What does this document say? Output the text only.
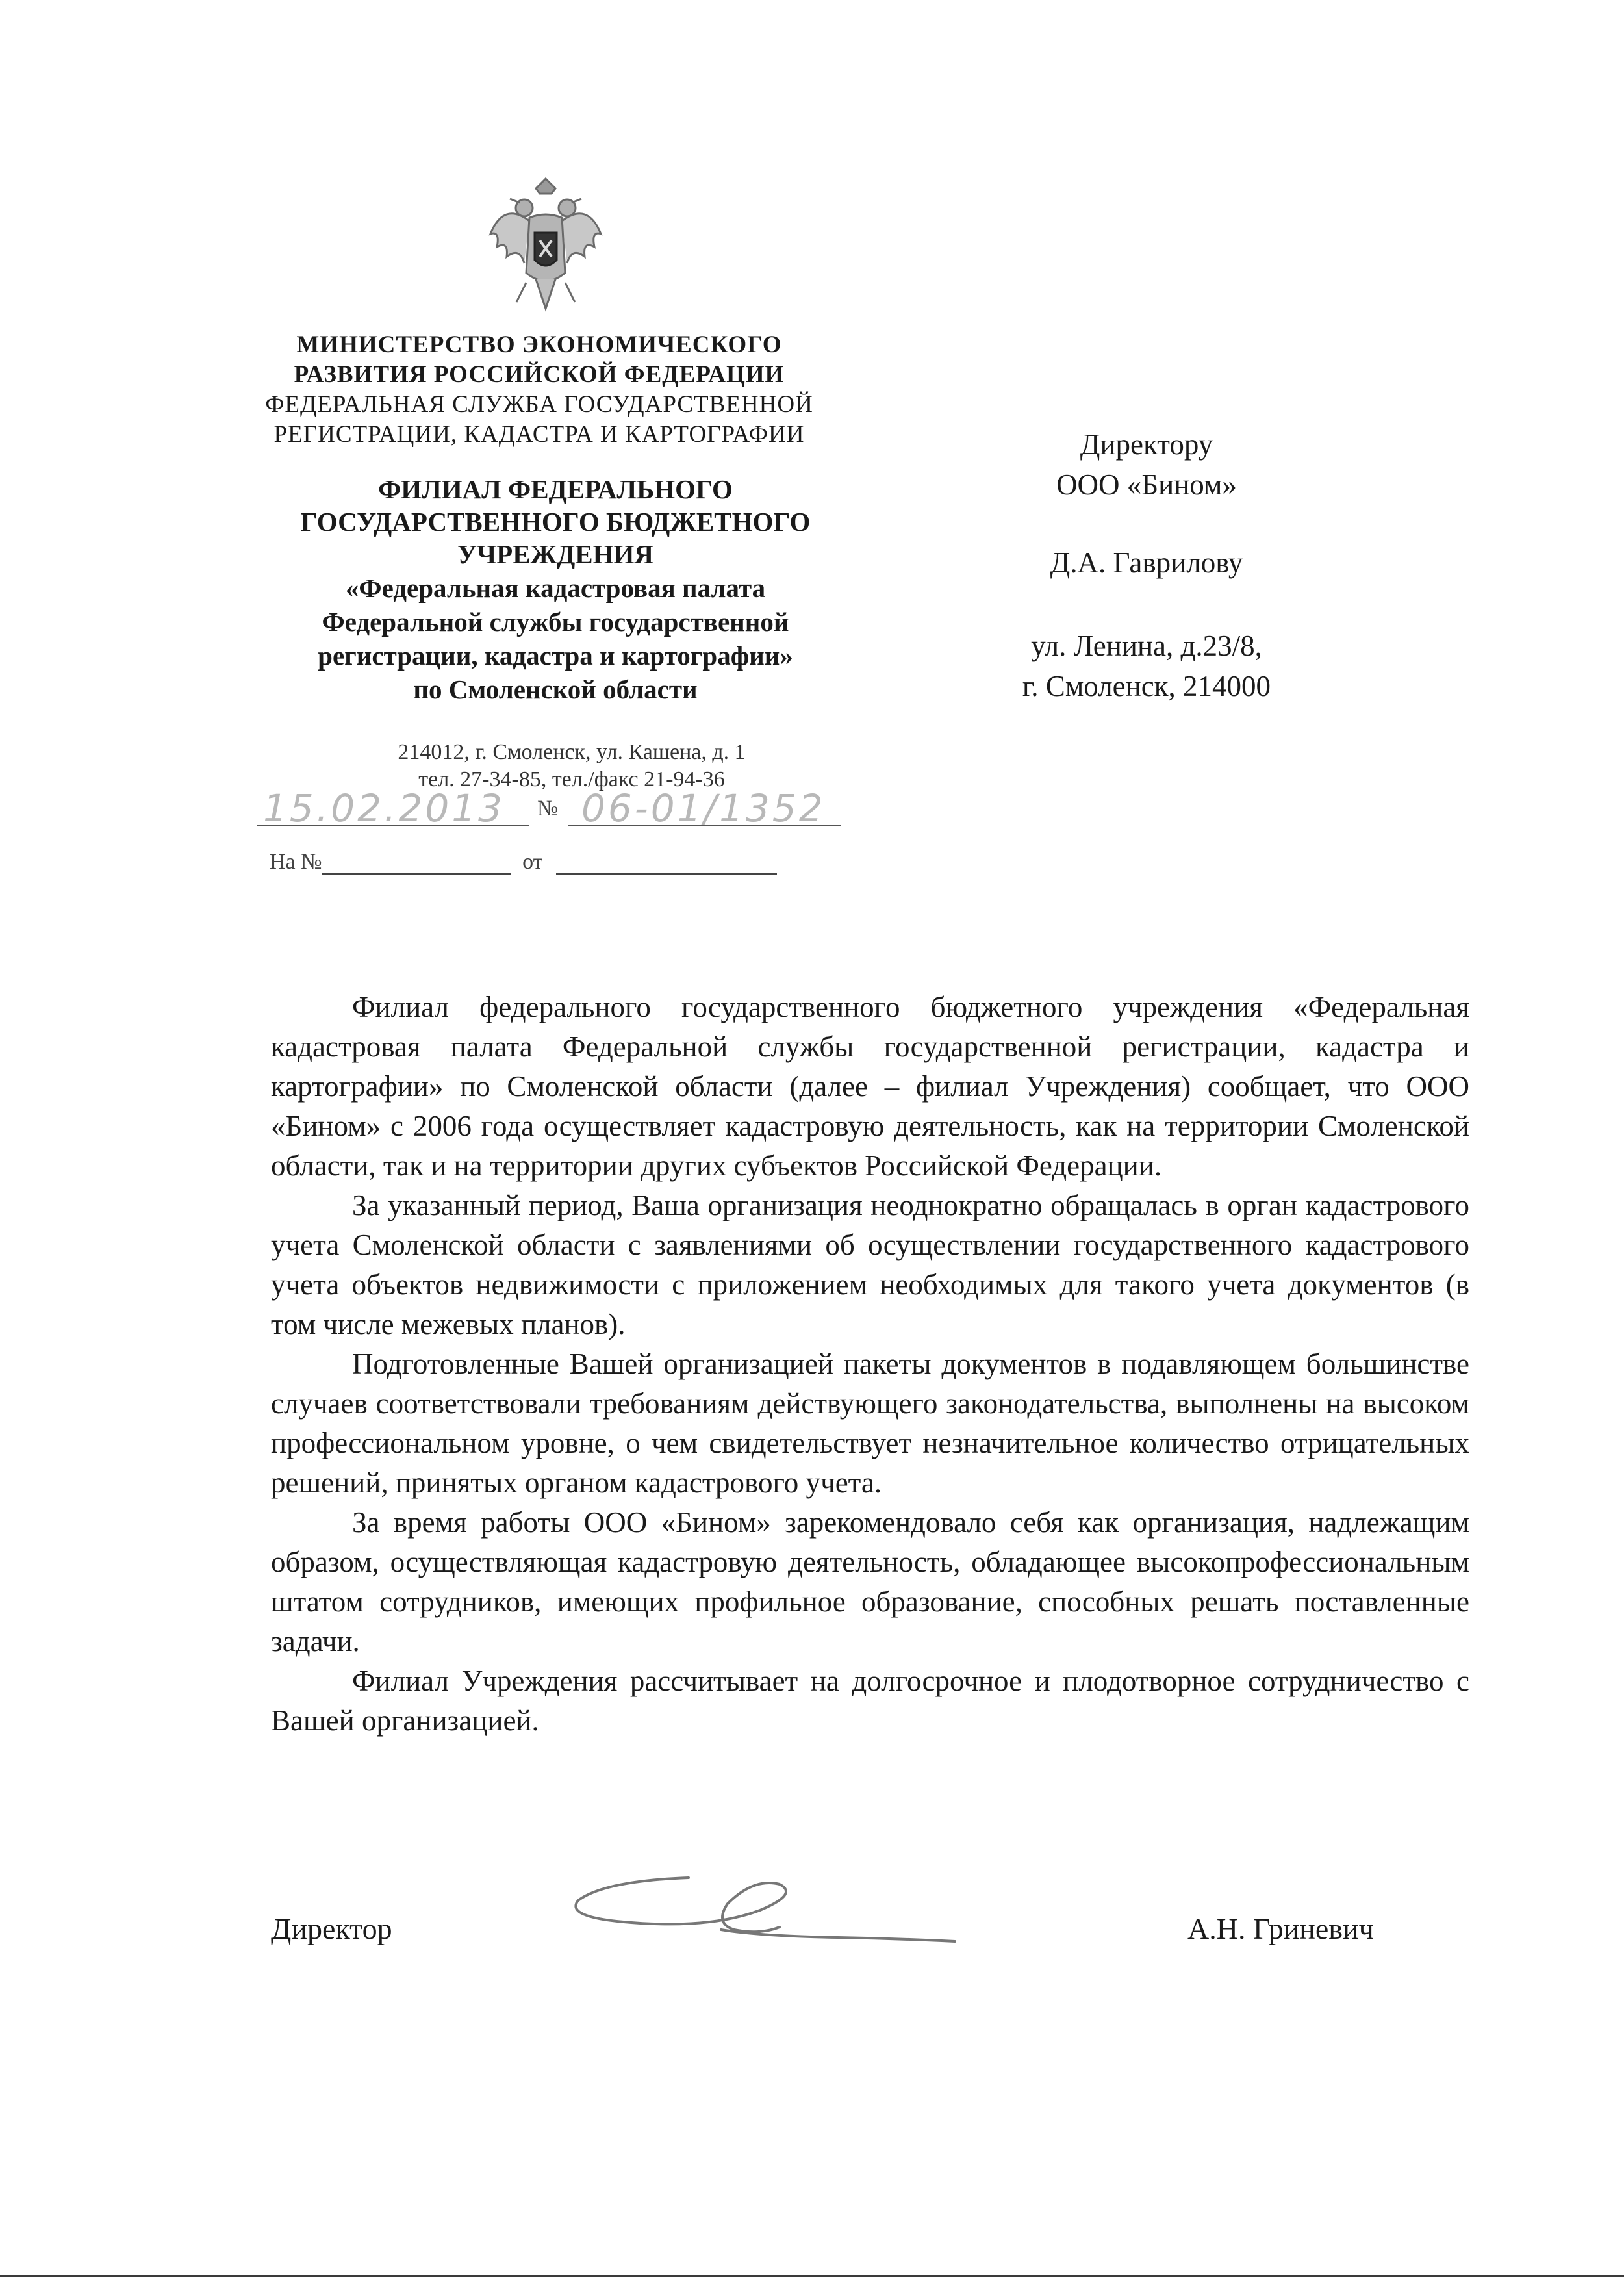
МИНИСТЕРСТВО ЭКОНОМИЧЕСКОГО
РАЗВИТИЯ РОССИЙСКОЙ ФЕДЕРАЦИИ
ФЕДЕРАЛЬНАЯ СЛУЖБА ГОСУДАРСТВЕННОЙ
РЕГИСТРАЦИИ, КАДАСТРА И КАРТОГРАФИИ
ФИЛИАЛ ФЕДЕРАЛЬНОГО
ГОСУДАРСТВЕННОГО БЮДЖЕТНОГО
УЧРЕЖДЕНИЯ
«Федеральная кадастровая палата
Федеральной службы государственной
регистрации, кадастра и картографии»
по Смоленской области
214012, г. Смоленск, ул. Кашена, д. 1
тел. 27-34-85, тел./факс 21-94-36
15.02.2013 № 06-01/1352
На №	от
Директору
ООО «Бином»
Д.А. Гаврилову
ул. Ленина, д.23/8,
г. Смоленск, 214000

Филиал федерального государственного бюджетного учреждения «Федеральная кадастровая палата Федеральной службы государственной регистрации, кадастра и картографии» по Смоленской области (далее – филиал Учреждения) сообщает, что ООО «Бином» с 2006 года осуществляет кадастровую деятельность, как на территории Смоленской области, так и на территории других субъектов Российской Федерации.

За указанный период, Ваша организация неоднократно обращалась в орган кадастрового учета Смоленской области с заявлениями об осуществлении государственного кадастрового учета объектов недвижимости с приложением необходимых для такого учета документов (в том числе межевых планов).

Подготовленные Вашей организацией пакеты документов в подавляющем большинстве случаев соответствовали требованиям действующего законодательства, выполнены на высоком профессиональном уровне, о чем свидетельствует незначительное количество отрицательных решений, принятых органом кадастрового учета.

За время работы ООО «Бином» зарекомендовало себя как организация, надлежащим образом, осуществляющая кадастровую деятельность, обладающее высокопрофессиональным штатом сотрудников, имеющих профильное образование, способных решать поставленные задачи.

Филиал Учреждения рассчитывает на долгосрочное и плодотворное сотрудничество с Вашей организацией.

Директор	А.Н. Гриневич
